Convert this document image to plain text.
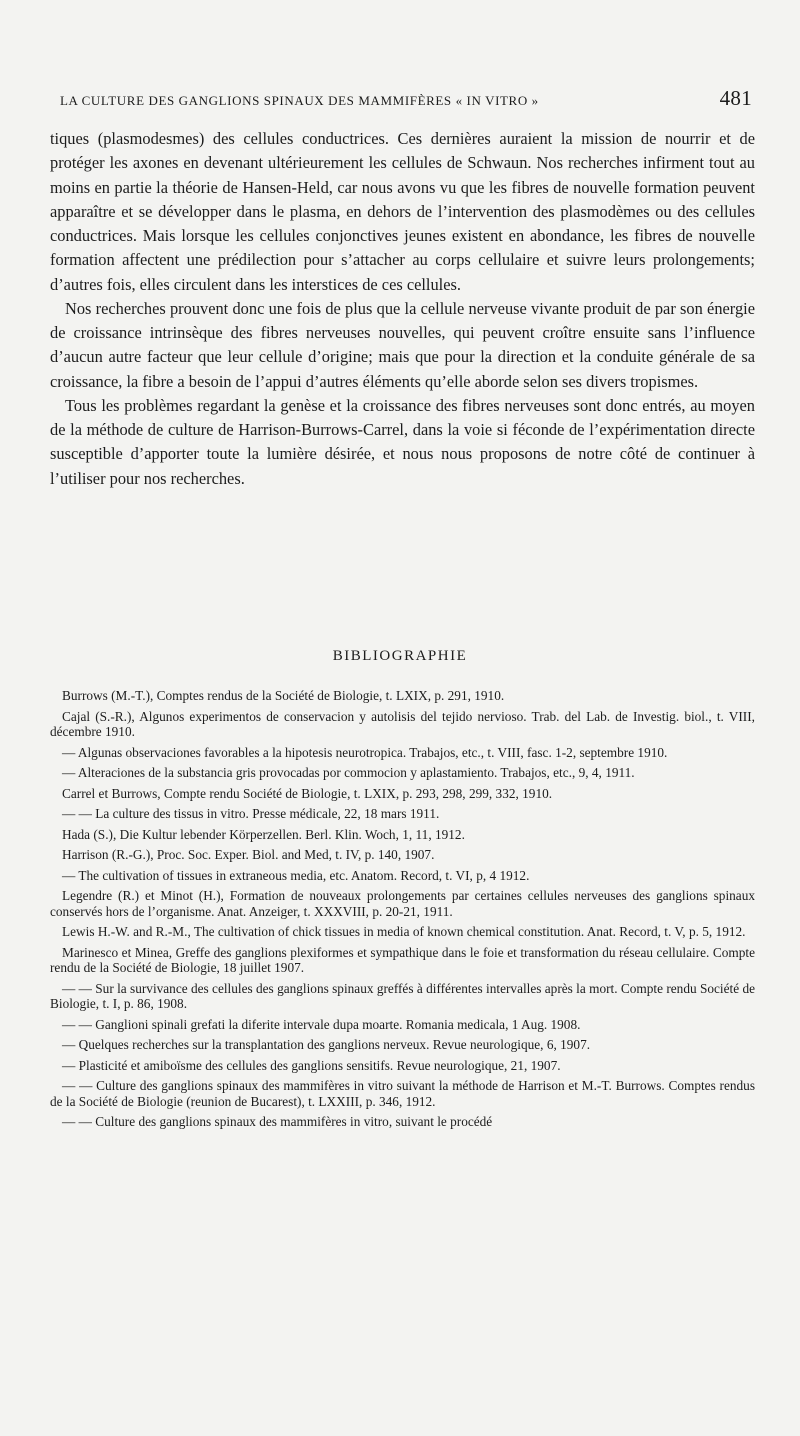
LA CULTURE DES GANGLIONS SPINAUX DES MAMMIFÈRES « IN VITRO »	481

tiques (plasmodesmes) des cellules conductrices. Ces dernières auraient la mission de nourrir et de protéger les axones en devenant ultérieurement les cellules de Schwaun. Nos recherches infirment tout au moins en partie la théorie de Hansen-Held, car nous avons vu que les fibres de nouvelle formation peuvent apparaître et se développer dans le plasma, en dehors de l’intervention des plasmodèmes ou des cellules conductrices. Mais lorsque les cellules conjonctives jeunes existent en abondance, les fibres de nouvelle formation affectent une prédilection pour s’attacher au corps cellulaire et suivre leurs prolongements; d’autres fois, elles circulent dans les interstices de ces cellules.

Nos recherches prouvent donc une fois de plus que la cellule nerveuse vivante produit de par son énergie de croissance intrinsèque des fibres nerveuses nouvelles, qui peuvent croître ensuite sans l’influence d’aucun autre facteur que leur cellule d’origine; mais que pour la direction et la conduite générale de sa croissance, la fibre a besoin de l’appui d’autres éléments qu’elle aborde selon ses divers tropismes.

Tous les problèmes regardant la genèse et la croissance des fibres nerveuses sont donc entrés, au moyen de la méthode de culture de Harrison-Burrows-Carrel, dans la voie si féconde de l’expérimentation directe susceptible d’apporter toute la lumière désirée, et nous nous proposons de notre côté de continuer à l’utiliser pour nos recherches.

BIBLIOGRAPHIE

Burrows (M.-T.), Comptes rendus de la Société de Biologie, t. LXIX, p. 291, 1910.

Cajal (S.-R.), Algunos experimentos de conservacion y autolisis del tejido nervioso. Trab. del Lab. de Investig. biol., t. VIII, décembre 1910.

— Algunas observaciones favorables a la hipotesis neurotropica. Trabajos, etc., t. VIII, fasc. 1-2, septembre 1910.

— Alteraciones de la substancia gris provocadas por commocion y aplastamiento. Trabajos, etc., 9, 4, 1911.

Carrel et Burrows, Compte rendu Société de Biologie, t. LXIX, p. 293, 298, 299, 332, 1910.

— — La culture des tissus in vitro. Presse médicale, 22, 18 mars 1911.

Hada (S.), Die Kultur lebender Körperzellen. Berl. Klin. Woch, 1, 11, 1912.

Harrison (R.-G.), Proc. Soc. Exper. Biol. and Med, t. IV, p. 140, 1907.

— The cultivation of tissues in extraneous media, etc. Anatom. Record, t. VI, p, 4 1912.

Legendre (R.) et Minot (H.), Formation de nouveaux prolongements par certaines cellules nerveuses des ganglions spinaux conservés hors de l’organisme. Anat. Anzeiger, t. XXXVIII, p. 20-21, 1911.

Lewis H.-W. and R.-M., The cultivation of chick tissues in media of known chemical constitution. Anat. Record, t. V, p. 5, 1912.

Marinesco et Minea, Greffe des ganglions plexiformes et sympathique dans le foie et transformation du réseau cellulaire. Compte rendu de la Société de Biologie, 18 juillet 1907.

— — Sur la survivance des cellules des ganglions spinaux greffés à différentes intervalles après la mort. Compte rendu Société de Biologie, t. I, p. 86, 1908.

— — Ganglioni spinali grefati la diferite intervale dupa moarte. Romania medicala, 1 Aug. 1908.

— Quelques recherches sur la transplantation des ganglions nerveux. Revue neurologique, 6, 1907.

— Plasticité et amiboïsme des cellules des ganglions sensitifs. Revue neurologique, 21, 1907.

— — Culture des ganglions spinaux des mammifères in vitro suivant la méthode de Harrison et M.-T. Burrows. Comptes rendus de la Société de Biologie (reunion de Bucarest), t. LXXIII, p. 346, 1912.

— — Culture des ganglions spinaux des mammifères in vitro, suivant le procédé
